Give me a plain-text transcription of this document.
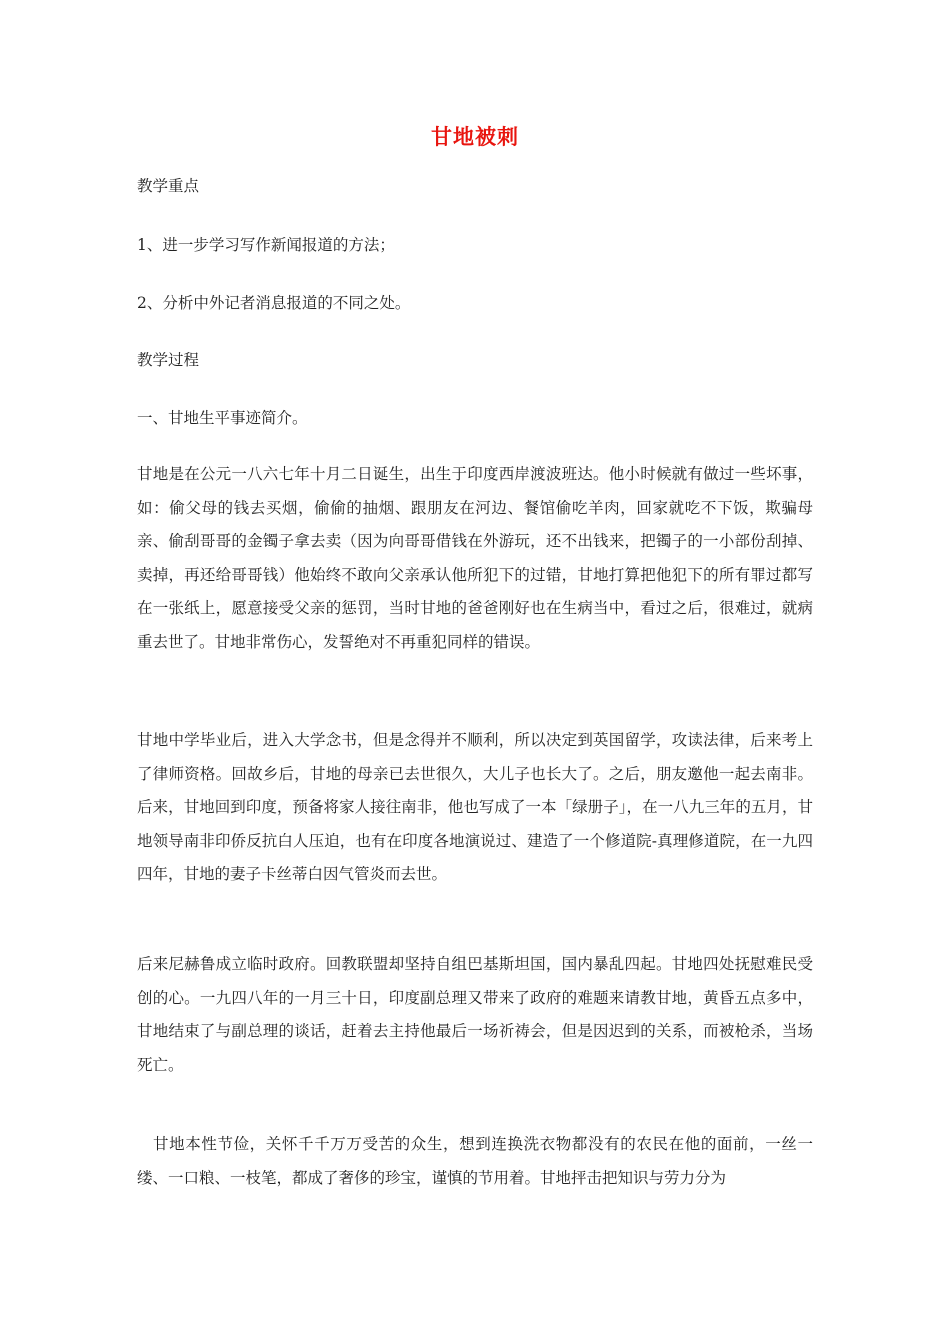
甘地被刺
教学重点
1、进一步学习写作新闻报道的方法；
2、分析中外记者消息报道的不同之处。
教学过程
一、甘地生平事迹简介。
甘地是在公元一八六七年十月二日诞生，出生于印度西岸渡波班达。他小时候就有做过一些坏事，如：偷父母的钱去买烟，偷偷的抽烟、跟朋友在河边、餐馆偷吃羊肉，回家就吃不下饭，欺骗母亲、偷刮哥哥的金镯子拿去卖（因为向哥哥借钱在外游玩，还不出钱来，把镯子的一小部份刮掉、卖掉，再还给哥哥钱）他始终不敢向父亲承认他所犯下的过错，甘地打算把他犯下的所有罪过都写在一张纸上，愿意接受父亲的惩罚，当时甘地的爸爸刚好也在生病当中，看过之后，很难过，就病重去世了。甘地非常伤心，发誓绝对不再重犯同样的错误。
甘地中学毕业后，进入大学念书，但是念得并不顺利，所以决定到英国留学，攻读法律，后来考上了律师资格。回故乡后，甘地的母亲已去世很久，大儿子也长大了。之后，朋友邀他一起去南非。后来，甘地回到印度，预备将家人接往南非，他也写成了一本「绿册子」，在一八九三年的五月，甘地领导南非印侨反抗白人压迫，也有在印度各地演说过、建造了一个修道院-真理修道院，在一九四四年，甘地的妻子卡丝蒂白因气管炎而去世。
后来尼赫鲁成立临时政府。回教联盟却坚持自组巴基斯坦国，国内暴乱四起。甘地四处抚慰难民受创的心。一九四八年的一月三十日，印度副总理又带来了政府的难题来请教甘地，黄昏五点多中，甘地结束了与副总理的谈话，赶着去主持他最后一场祈祷会，但是因迟到的关系，而被枪杀，当场死亡。
甘地本性节俭，关怀千千万万受苦的众生，想到连换洗衣物都没有的农民在他的面前，一丝一缕、一口粮、一枝笔，都成了奢侈的珍宝，谨慎的节用着。甘地抨击把知识与劳力分为
